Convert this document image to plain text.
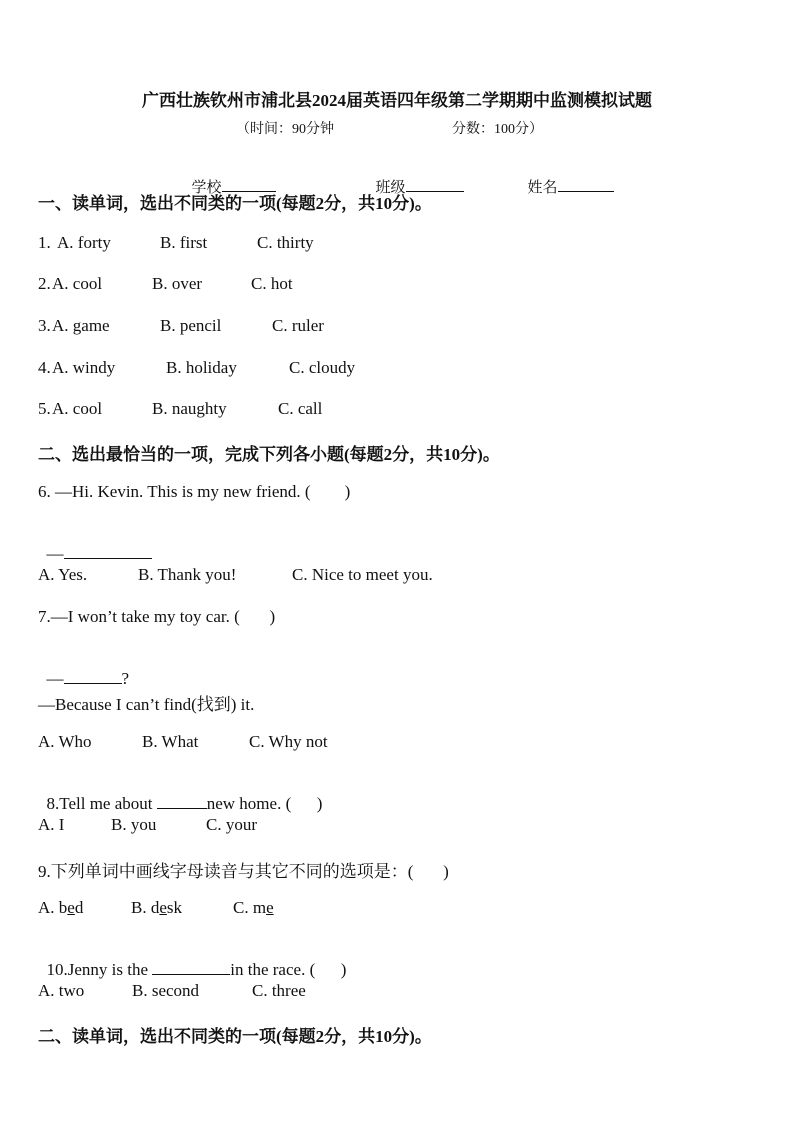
广西壮族钦州市浦北县2024届英语四年级第二学期期中监测模拟试题
（时间：90分钟	分数：100分）

学校	班级	姓名

一、读单词，选出不同类的一项(每题2分，共10分)。
1. A. forty	B. first	C. thirty
2. A. cool	B. over	C. hot
3. A. game	B. pencil	C. ruler
4. A. windy	B. holiday	C. cloudy
5. A. cool	B. naughty	C. call
二、选出最恰当的一项，完成下列各小题(每题2分，共10分)。
6. —Hi. Kevin. This is my new friend. (        )

—

A. Yes.	B. Thank you!	C. Nice to meet you.
7.—I won’t take my toy car. (       )

—	?

—Because I can’t find(找到) it.
A. Who	B. What	C. Why not

8.Tell me about	new home. (      )

A. I	B. you	C. your
9.下列单词中画线字母读音与其它不同的选项是：(       )
A. bed	B. desk	C. me

10.Jenny is the	in the race. (      )

A. two	B. second	C. three
二、读单词，选出不同类的一项(每题2分，共10分)。
